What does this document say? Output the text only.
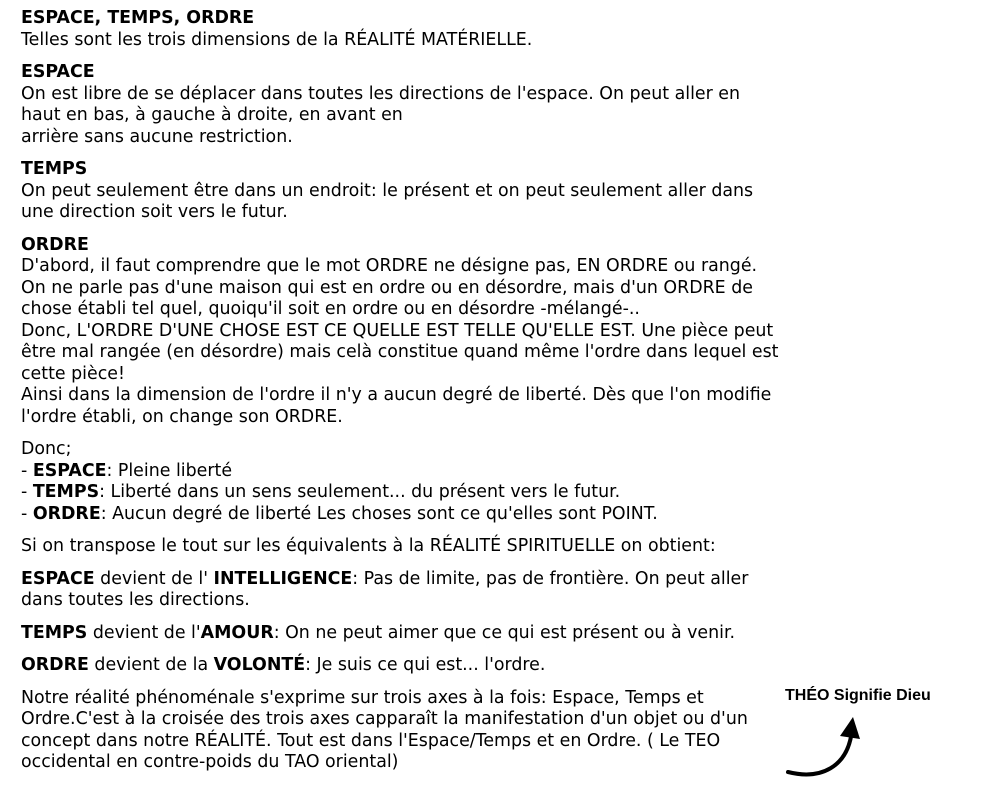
ESPACE, TEMPS, ORDRE
Telles sont les trois dimensions de la RÉALITÉ MATÉRIELLE.

ESPACE
On est libre de se déplacer dans toutes les directions de l'espace. On peut aller en
haut en bas, à gauche à droite, en avant en
arrière sans aucune restriction.

TEMPS
On peut seulement être dans un endroit: le présent et on peut seulement aller dans
une direction soit vers le futur.

ORDRE
D'abord, il faut comprendre que le mot ORDRE ne désigne pas, EN ORDRE ou rangé.
On ne parle pas d'une maison qui est en ordre ou en désordre, mais d'un ORDRE de
chose établi tel quel, quoiqu'il soit en ordre ou en désordre -mélangé-..
Donc, L'ORDRE D'UNE CHOSE EST CE QUELLE EST TELLE QU'ELLE EST. Une pièce peut
être mal rangée (en désordre) mais celà constitue quand même l'ordre dans lequel est
cette pièce!
Ainsi dans la dimension de l'ordre il n'y a aucun degré de liberté. Dès que l'on modifie
l'ordre établi, on change son ORDRE.

Donc;
- ESPACE: Pleine liberté
- TEMPS: Liberté dans un sens seulement... du présent vers le futur.
- ORDRE: Aucun degré de liberté Les choses sont ce qu'elles sont POINT.

Si on transpose le tout sur les équivalents à la RÉALITÉ SPIRITUELLE on obtient:

ESPACE devient de l' INTELLIGENCE: Pas de limite, pas de frontière. On peut aller
dans toutes les directions.

TEMPS devient de l'AMOUR: On ne peut aimer que ce qui est présent ou à venir.

ORDRE devient de la VOLONTÉ: Je suis ce qui est... l'ordre.

Notre réalité phénoménale s'exprime sur trois axes à la fois: Espace, Temps et
Ordre.C'est à la croisée des trois axes capparaît la manifestation d'un objet ou d'un
concept dans notre RÉALITÉ. Tout est dans l'Espace/Temps et en Ordre. ( Le TEO
occidental en contre-poids du TAO oriental)

THÉO Signifie Dieu
